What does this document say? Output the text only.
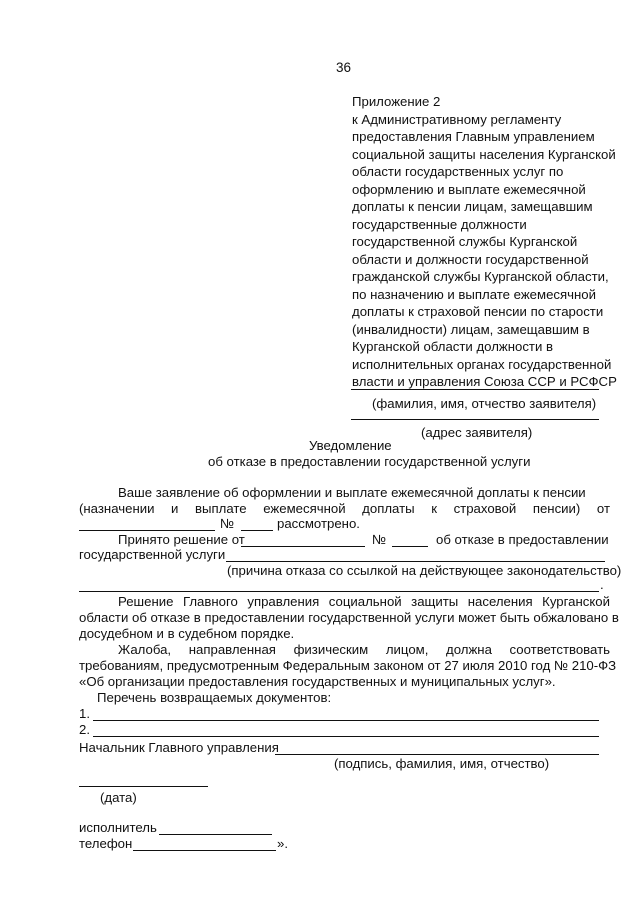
36
Приложение 2
к Административному регламенту
предоставления Главным управлением
социальной защиты населения Курганской
области государственных услуг по
оформлению и выплате ежемесячной
доплаты к пенсии лицам, замещавшим
государственные должности
государственной службы Курганской
области и должности государственной
гражданской службы Курганской области,
по назначению и выплате ежемесячной
доплаты к страховой пенсии по старости
(инвалидности) лицам, замещавшим в
Курганской области должности в
исполнительных органах государственной
власти и управления Союза ССР и РСФСР
(фамилия, имя, отчество заявителя)
(адрес заявителя)
Уведомление
об отказе в предоставлении государственной услуги
Ваше заявление об оформлении и выплате ежемесячной доплаты к пенсии
(назначении и выплате ежемесячной доплаты к страховой пенсии) от
№	рассмотрено.
Принято решение от	№	об отказе в предоставлении
государственной услуги
(причина отказа со ссылкой на действующее законодательство)
.
Решение Главного управления социальной защиты населения Курганской
области об отказе в предоставлении государственной услуги может быть обжаловано в
досудебном и в судебном порядке.
Жалоба, направленная физическим лицом, должна соответствовать
требованиям, предусмотренным Федеральным законом от 27 июля 2010 год № 210-ФЗ
«Об организации предоставления государственных и муниципальных услуг».
Перечень возвращаемых документов:
1.
2.
Начальник Главного управления
(подпись, фамилия, имя, отчество)
(дата)
исполнитель
телефон	».
